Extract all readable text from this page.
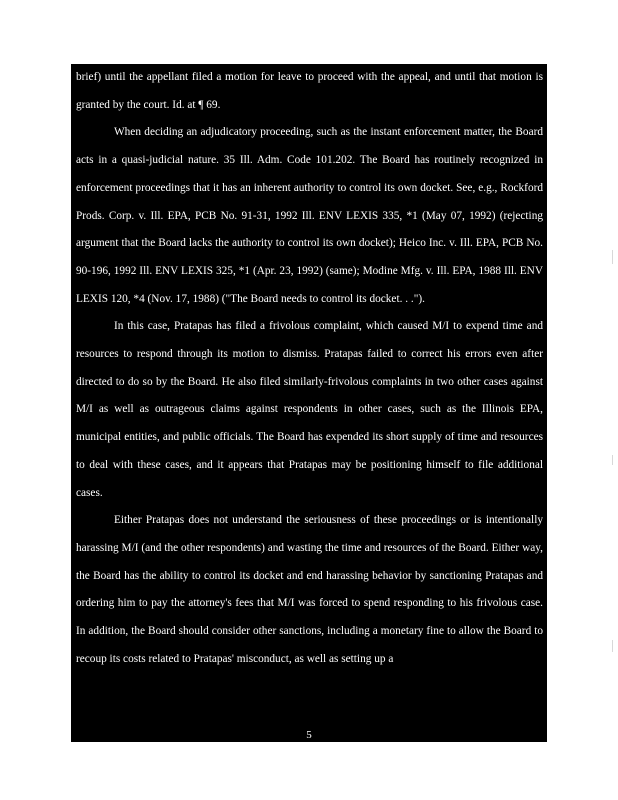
brief) until the appellant filed a motion for leave to proceed with the appeal, and until that motion is granted by the court. Id. at ¶ 69.

When deciding an adjudicatory proceeding, such as the instant enforcement matter, the Board acts in a quasi-judicial nature. 35 Ill. Adm. Code 101.202. The Board has routinely recognized in enforcement proceedings that it has an inherent authority to control its own docket. See, e.g., Rockford Prods. Corp. v. Ill. EPA, PCB No. 91-31, 1992 Ill. ENV LEXIS 335, *1 (May 07, 1992) (rejecting argument that the Board lacks the authority to control its own docket); Heico Inc. v. Ill. EPA, PCB No. 90-196, 1992 Ill. ENV LEXIS 325, *1 (Apr. 23, 1992) (same); Modine Mfg. v. Ill. EPA, 1988 Ill. ENV LEXIS 120, *4 (Nov. 17, 1988) ("The Board needs to control its docket. . .").

In this case, Pratapas has filed a frivolous complaint, which caused M/I to expend time and resources to respond through its motion to dismiss. Pratapas failed to correct his errors even after directed to do so by the Board. He also filed similarly-frivolous complaints in two other cases against M/I as well as outrageous claims against respondents in other cases, such as the Illinois EPA, municipal entities, and public officials. The Board has expended its short supply of time and resources to deal with these cases, and it appears that Pratapas may be positioning himself to file additional cases.

Either Pratapas does not understand the seriousness of these proceedings or is intentionally harassing M/I (and the other respondents) and wasting the time and resources of the Board. Either way, the Board has the ability to control its docket and end harassing behavior by sanctioning Pratapas and ordering him to pay the attorney's fees that M/I was forced to spend responding to his frivolous case. In addition, the Board should consider other sanctions, including a monetary fine to allow the Board to recoup its costs related to Pratapas' misconduct, as well as setting up a

5
